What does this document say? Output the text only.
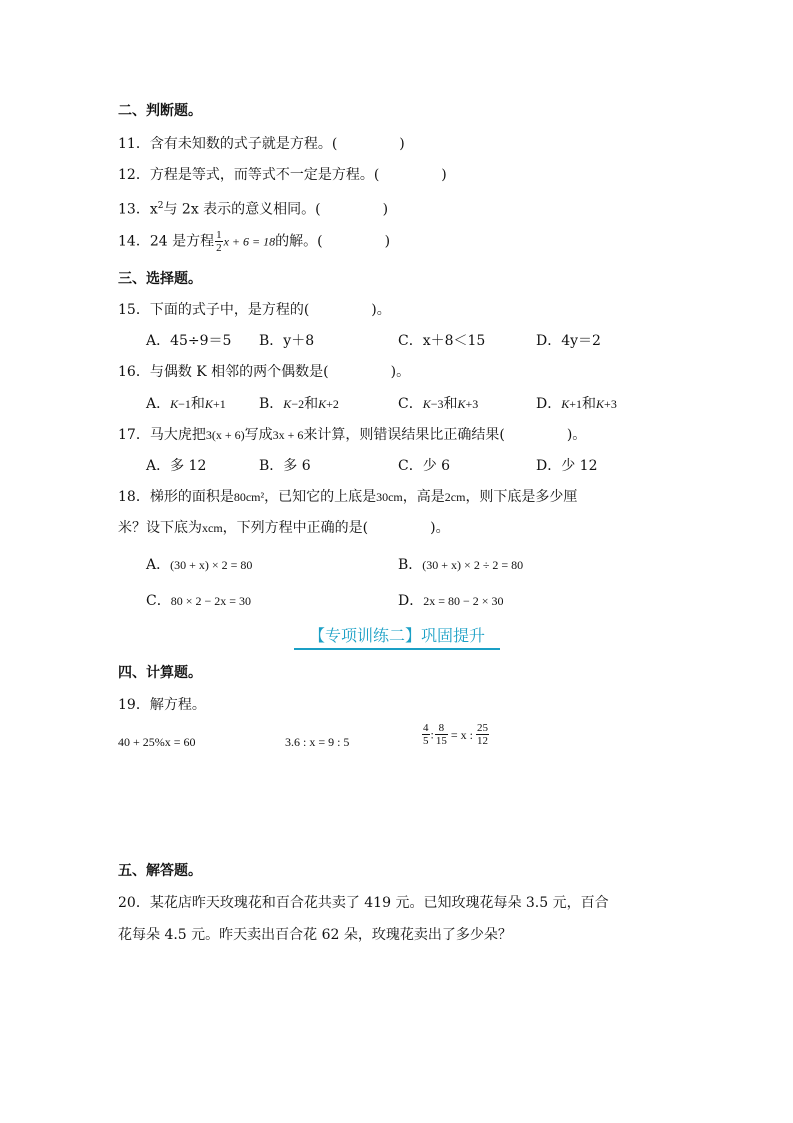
二、判断题。
11．含有未知数的式子就是方程。(	)
12．方程是等式，而等式不一定是方程。(	)
13．$x^2$与 2x 表示的意义相同。(	)
14．24 是方程 $\frac{1}{2}$ x + 6 = 18的解。(	)
三、选择题。
15．下面的式子中，是方程的(	)。
A．45÷9＝5 B．y＋8	C．x＋8＜15	D．4y＝2
16．与偶数 K 相邻的两个偶数是(	)。
A．K−1和K+1 B．K−2和K+2	C．K−3和K+3	D．K+1和K+3
17．马大虎把3(x + 6)写成3x + 6来计算，则错误结果比正确结果(	)。
A．多 12	B．多 6	C．少 6	D．少 12
18．梯形的面积是80cm²，已知它的上底是30cm，高是2cm，则下底是多少厘
米？设下底为xcm，下列方程中正确的是(	)。
A．(30 + x) × 2 = 80	B．(30 + x) × 2 ÷ 2 = 80
C．80 × 2 − 2x = 30	D．2x = 80 − 2 × 30
【专项训练二】巩固提升
四、计算题。
19．解方程。
40 + 25%x = 60	3.6 : x = 9 : 5	$\frac{4}{5}$ : $\frac{8}{15} = x$ : $\frac{25}{12}$
五、解答题。
20．某花店昨天玫瑰花和百合花共卖了 419 元。已知玫瑰花每朵 3.5 元，百合
花每朵 4.5 元。昨天卖出百合花 62 朵，玫瑰花卖出了多少朵？
